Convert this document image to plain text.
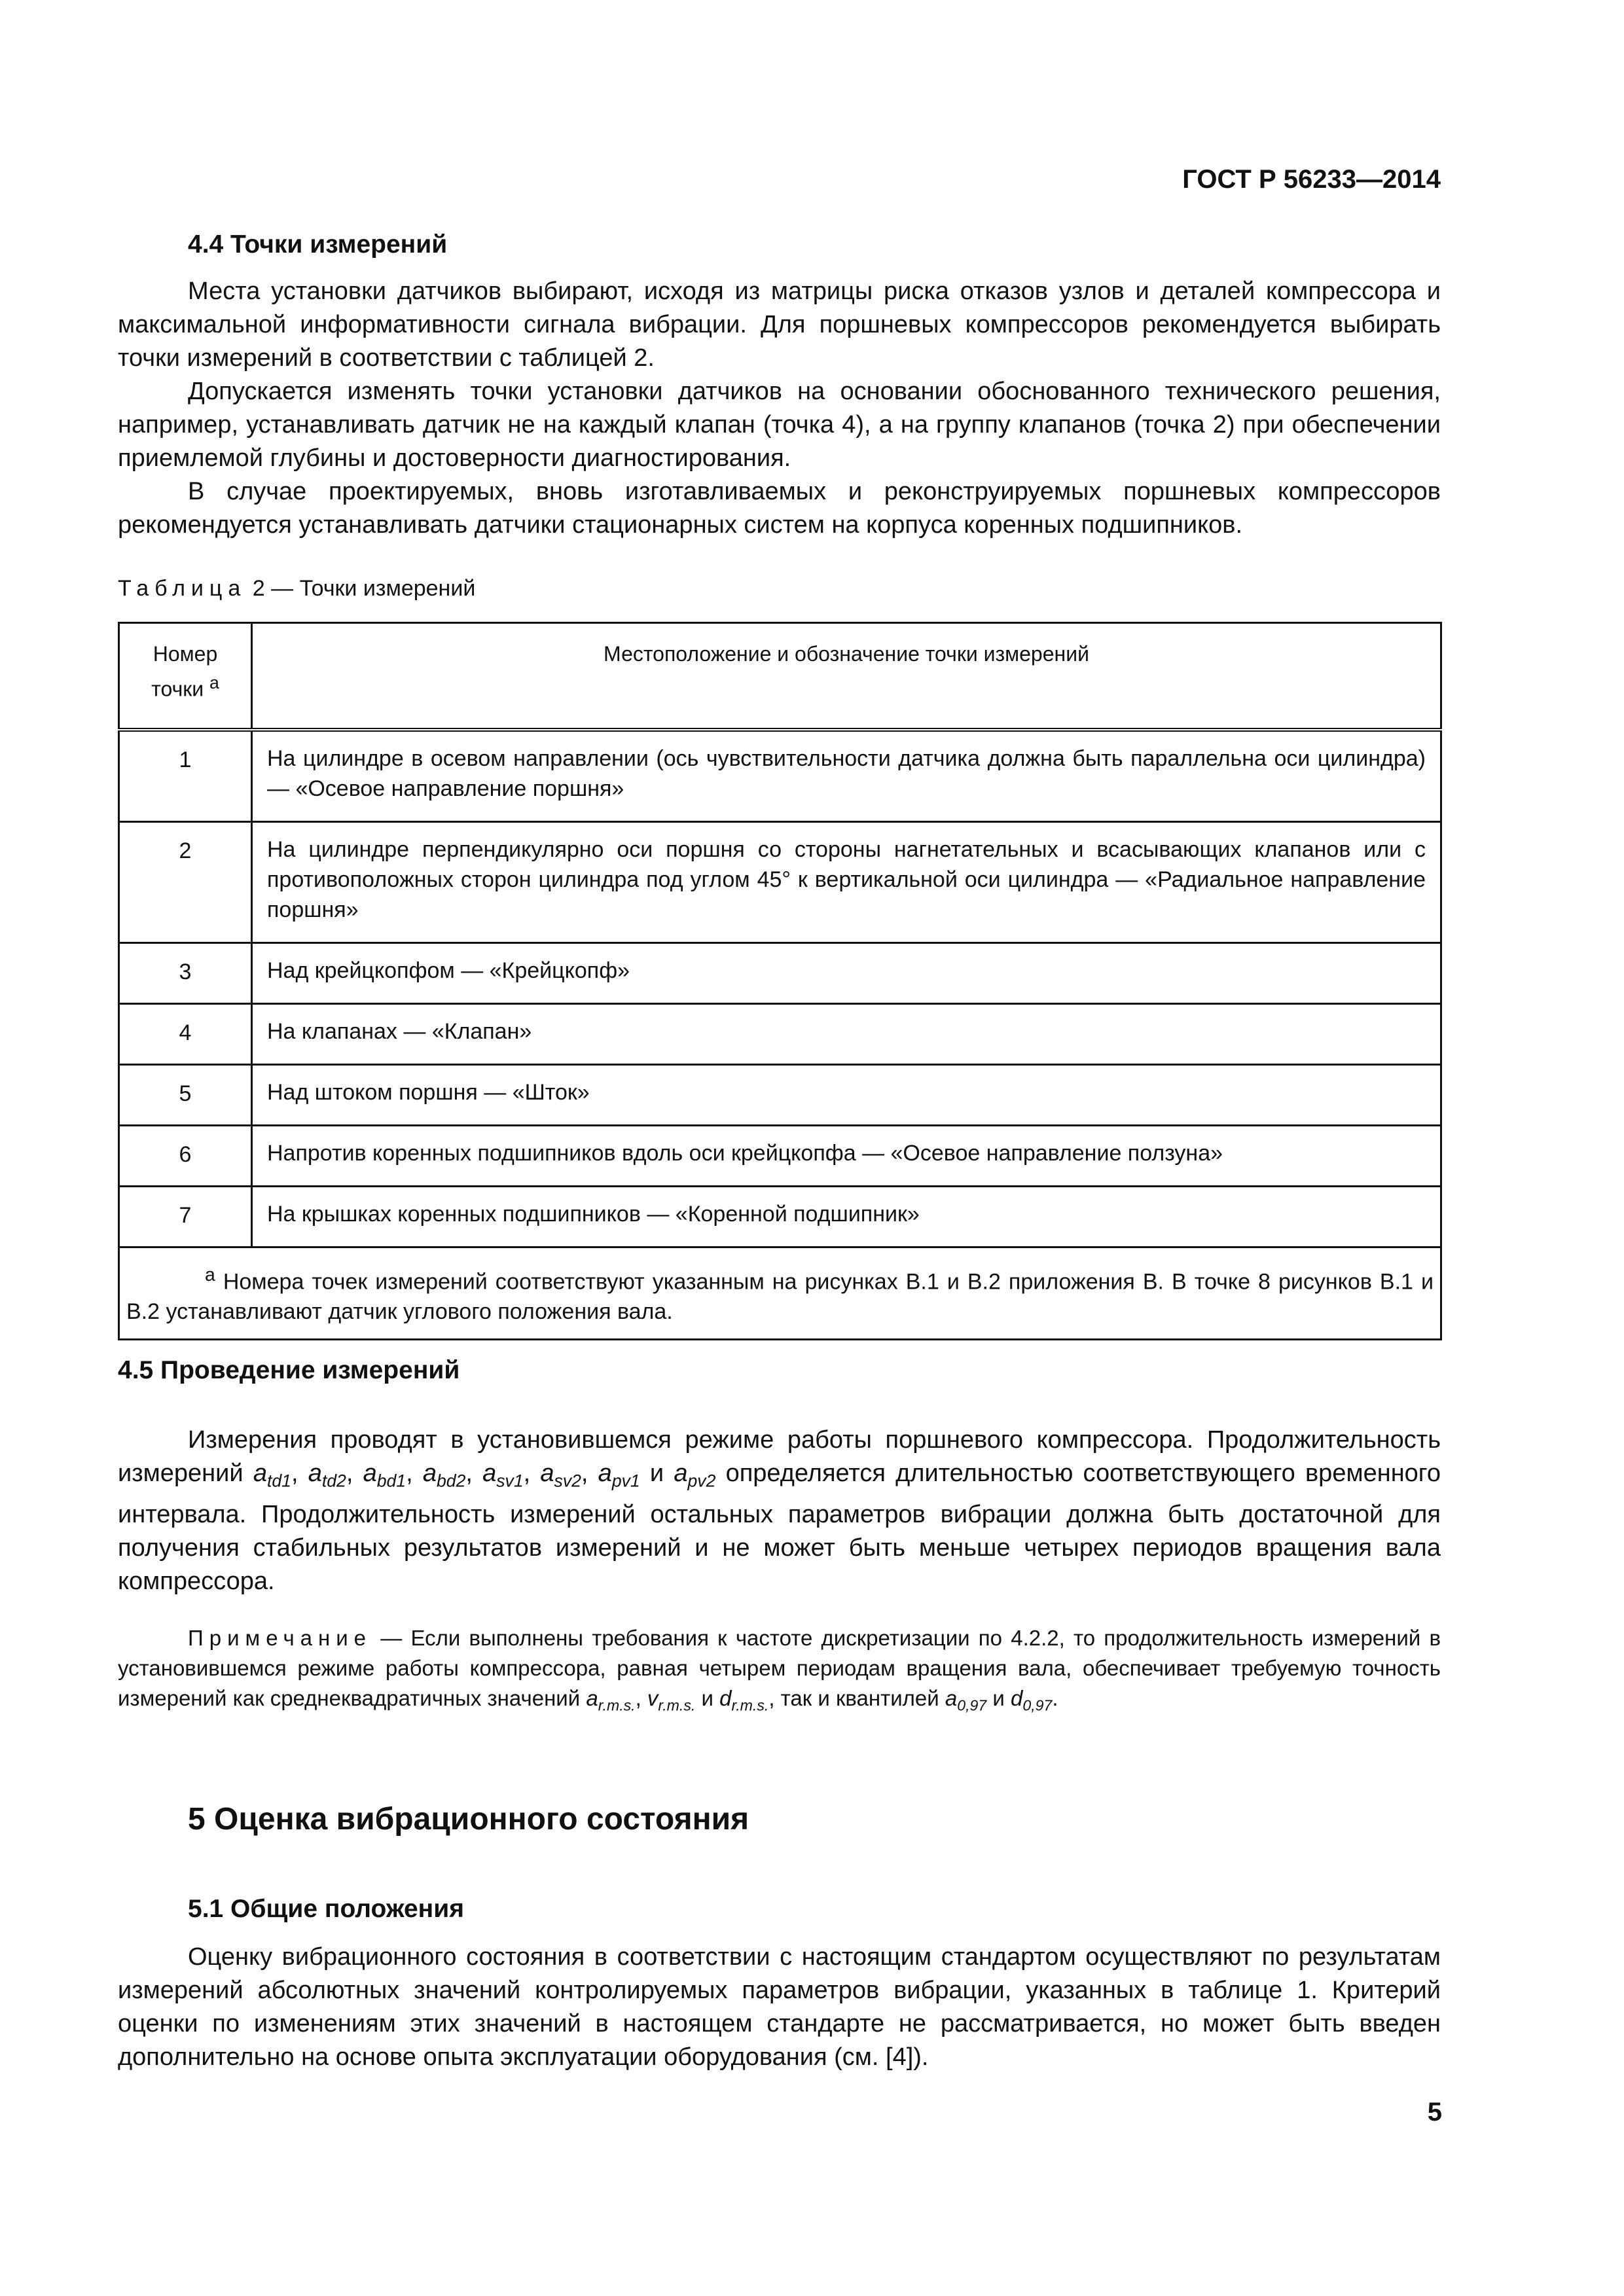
ГОСТ Р 56233—2014
4.4 Точки измерений

Места установки датчиков выбирают, исходя из матрицы риска отказов узлов и деталей компрессора и максимальной информативности сигнала вибрации. Для поршневых компрессоров рекомендуется выбирать точки измерений в соответствии с таблицей 2.

Допускается изменять точки установки датчиков на основании обоснованного технического решения, например, устанавливать датчик не на каждый клапан (точка 4), а на группу клапанов (точка 2) при обеспечении приемлемой глубины и достоверности диагностирования.

В случае проектируемых, вновь изготавливаемых и реконструируемых поршневых компрессоров рекомендуется устанавливать датчики стационарных систем на корпуса коренных подшипников.

Таблица 2 — Точки измерений
Номер
точки $^а$	Местоположение и обозначение точки измерений
1	На цилиндре в осевом направлении (ось чувствительности датчика должна быть параллельна оси цилиндра) — «Осевое направление поршня»
2	На цилиндре перпендикулярно оси поршня со стороны нагнетательных и всасывающих клапанов или с противоположных сторон цилиндра под углом 45° к вертикальной оси цилиндра — «Радиальное направление поршня»
3	Над крейцкопфом — «Крейцкопф»
4	На клапанах — «Клапан»
5	Над штоком поршня — «Шток»
6	Напротив коренных подшипников вдоль оси крейцкопфа — «Осевое направление ползуна»
7	На крышках коренных подшипников — «Коренной подшипник»
$^а$ Номера точек измерений соответствуют указанным на рисунках В.1 и В.2 приложения В. В точке 8 рисунков В.1 и В.2 устанавливают датчик углового положения вала.	
4.5 Проведение измерений

Измерения проводят в установившемся режиме работы поршневого компрессора. Продолжительность измерений $a_{td1}$, $a_{td2}$, $a_{bd1}$, $a_{bd2}$, $a_{sv1}$, $a_{sv2}$, $a_{pv1}$ и $a_{pv2}$ определяется длительностью соответствующего временного интервала. Продолжительность измерений остальных параметров вибрации должна быть достаточной для получения стабильных результатов измерений и не может быть меньше четырех периодов вращения вала компрессора.

Примечание — Если выполнены требования к частоте дискретизации по 4.2.2, то продолжительность измерений в установившемся режиме работы компрессора, равная четырем периодам вращения вала, обеспечивает требуемую точность измерений как среднеквадратичных значений $a_{r.m.s.}$, $v_{r.m.s.}$ и $d_{r.m.s.}$, так и квантилей $a_{0,97}$ и $d_{0,97}$.

5 Оценка вибрационного состояния
5.1 Общие положения

Оценку вибрационного состояния в соответствии с настоящим стандартом осуществляют по результатам измерений абсолютных значений контролируемых параметров вибрации, указанных в таблице 1. Критерий оценки по изменениям этих значений в настоящем стандарте не рассматривается, но может быть введен дополнительно на основе опыта эксплуатации оборудования (см. [4]).

5
